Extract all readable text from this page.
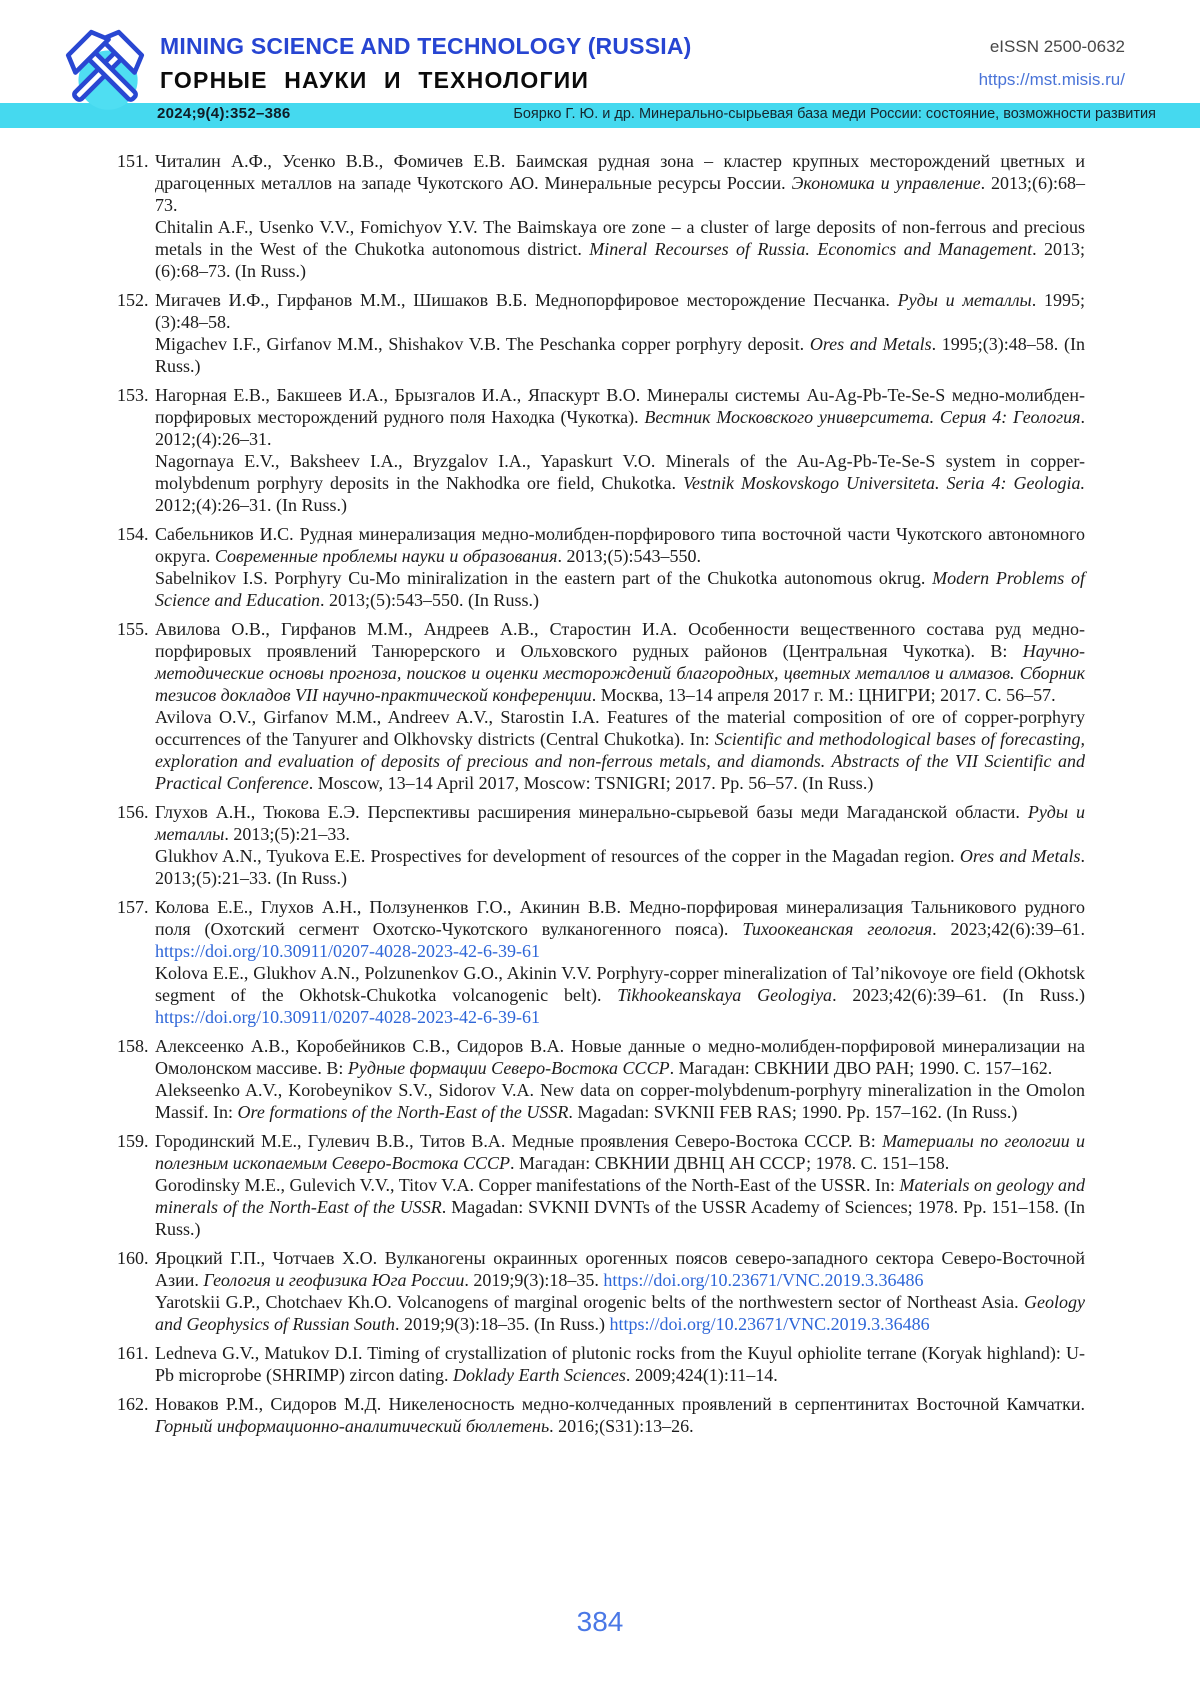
MINING SCIENCE AND TECHNOLOGY (RUSSIA)
ГОРНЫЕ НАУКИ И ТЕХНОЛОГИИ
eISSN 2500-0632
https://mst.misis.ru/
2024;9(4):352–386	Боярко Г. Ю. и др. Минерально-сырьевая база меди России: состояние, возможности развития
151. Читалин А.Ф., Усенко В.В., Фомичев Е.В. Баимская рудная зона – кластер крупных месторождений цветных и драгоценных металлов на западе Чукотского АО. Минеральные ресурсы России. Экономика и управление. 2013;(6):68–73.

Chitalin A.F., Usenko V.V., Fomichyov Y.V. The Baimskaya ore zone – a cluster of large deposits of non-ferrous and precious metals in the West of the Chukotka autonomous district. Mineral Recourses of Russia. Economics and Management. 2013;(6):68–73. (In Russ.)

152. Мигачев И.Ф., Гирфанов М.М., Шишаков В.Б. Меднопорфировое месторождение Песчанка. Руды и металлы. 1995;(3):48–58.

Migachev I.F., Girfanov M.M., Shishakov V.B. The Peschanka copper porphyry deposit. Ores and Metals. 1995;(3):48–58. (In Russ.)

153. Нагорная Е.В., Бакшеев И.А., Брызгалов И.А., Япаскурт В.О. Минералы системы Au-Ag-Pb-Te-Se-S медно-молибден-порфировых месторождений рудного поля Находка (Чукотка). Вестник Московского университета. Серия 4: Геология. 2012;(4):26–31.

Nagornaya E.V., Baksheev I.A., Bryzgalov I.A., Yapaskurt V.O. Minerals of the Au-Ag-Pb-Te-Se-S system in copper-molybdenum porphyry deposits in the Nakhodka ore field, Chukotka. Vestnik Moskovskogo Universiteta. Seria 4: Geologia. 2012;(4):26–31. (In Russ.)

154. Сабельников И.С. Рудная минерализация медно-молибден-порфирового типа восточной части Чукотского автономного округа. Современные проблемы науки и образования. 2013;(5):543–550.

Sabelnikov I.S. Porphyry Cu-Mo miniralization in the eastern part of the Chukotka autonomous okrug. Modern Problems of Science and Education. 2013;(5):543–550. (In Russ.)

155. Авилова О.В., Гирфанов М.М., Андреев А.В., Старостин И.А. Особенности вещественного состава руд медно-порфировых проявлений Танюрерского и Ольховского рудных районов (Центральная Чукотка). В: Научно-методические основы прогноза, поисков и оценки месторождений благородных, цветных металлов и алмазов. Сборник тезисов докладов VII научно-практической конференции. Москва, 13–14 апреля 2017 г. М.: ЦНИГРИ; 2017. С. 56–57.

Avilova O.V., Girfanov M.M., Andreev A.V., Starostin I.A. Features of the material composition of ore of copper-porphyry occurrences of the Tanyurer and Olkhovsky districts (Central Chukotka). In: Scientific and methodological bases of forecasting, exploration and evaluation of deposits of precious and non-ferrous metals, and diamonds. Abstracts of the VII Scientific and Practical Conference. Moscow, 13–14 April 2017, Moscow: TSNIGRI; 2017. Pp. 56–57. (In Russ.)

156. Глухов А.Н., Тюкова Е.Э. Перспективы расширения минерально-сырьевой базы меди Магаданской области. Руды и металлы. 2013;(5):21–33.

Glukhov A.N., Tyukova E.E. Prospectives for development of resources of the copper in the Magadan region. Ores and Metals. 2013;(5):21–33. (In Russ.)

157. Колова Е.Е., Глухов А.Н., Ползуненков Г.О., Акинин В.В. Медно-порфировая минерализация Тальникового рудного поля (Охотский сегмент Охотско-Чукотского вулканогенного пояса). Тихоокеанская геология. 2023;42(6):39–61. https://doi.org/10.30911/0207-4028-2023-42-6-39-61

Kolova E.E., Glukhov A.N., Polzunenkov G.O., Akinin V.V. Porphyry-copper mineralization of Tal’nikovoye ore field (Okhotsk segment of the Okhotsk-Chukotka volcanogenic belt). Tikhookeanskaya Geologiya. 2023;42(6):39–61. (In Russ.) https://doi.org/10.30911/0207-4028-2023-42-6-39-61

158. Алексеенко А.В., Коробейников С.В., Сидоров В.А. Новые данные о медно-молибден-порфировой минерализации на Омолонском массиве. В: Рудные формации Северо-Востока СССР. Магадан: СВКНИИ ДВО РАН; 1990. С. 157–162.

Alekseenko A.V., Korobeynikov S.V., Sidorov V.A. New data on copper-molybdenum-porphyry mineralization in the Omolon Massif. In: Ore formations of the North-East of the USSR. Magadan: SVKNII FEB RAS; 1990. Pp. 157–162. (In Russ.)

159. Городинский М.Е., Гулевич В.В., Титов В.А. Медные проявления Северо-Востока СССР. В: Материалы по геологии и полезным ископаемым Северо-Востока СССР. Магадан: СВКНИИ ДВНЦ АН СССР; 1978. С. 151–158.

Gorodinsky M.E., Gulevich V.V., Titov V.A. Copper manifestations of the North-East of the USSR. In: Materials on geology and minerals of the North-East of the USSR. Magadan: SVKNII DVNTs of the USSR Academy of Sciences; 1978. Pp. 151–158. (In Russ.)

160. Яроцкий Г.П., Чотчаев Х.О. Вулканогены окраинных орогенных поясов северо-западного сектора Северо-Восточной Азии. Геология и геофизика Юга России. 2019;9(3):18–35. https://doi.org/10.23671/VNC.2019.3.36486

Yarotskii G.P., Chotchaev Kh.O. Volcanogens of marginal orogenic belts of the northwestern sector of Northeast Asia. Geology and Geophysics of Russian South. 2019;9(3):18–35. (In Russ.) https://doi.org/10.23671/VNC.2019.3.36486

161. Ledneva G.V., Matukov D.I. Timing of crystallization of plutonic rocks from the Kuyul ophiolite terrane (Koryak highland): U-Pb microprobe (SHRIMP) zircon dating. Doklady Earth Sciences. 2009;424(1):11–14.

162. Новаков Р.М., Сидоров М.Д. Никеленосность медно-колчеданных проявлений в серпентинитах Восточной Камчатки. Горный информационно-аналитический бюллетень. 2016;(S31):13–26.

384
